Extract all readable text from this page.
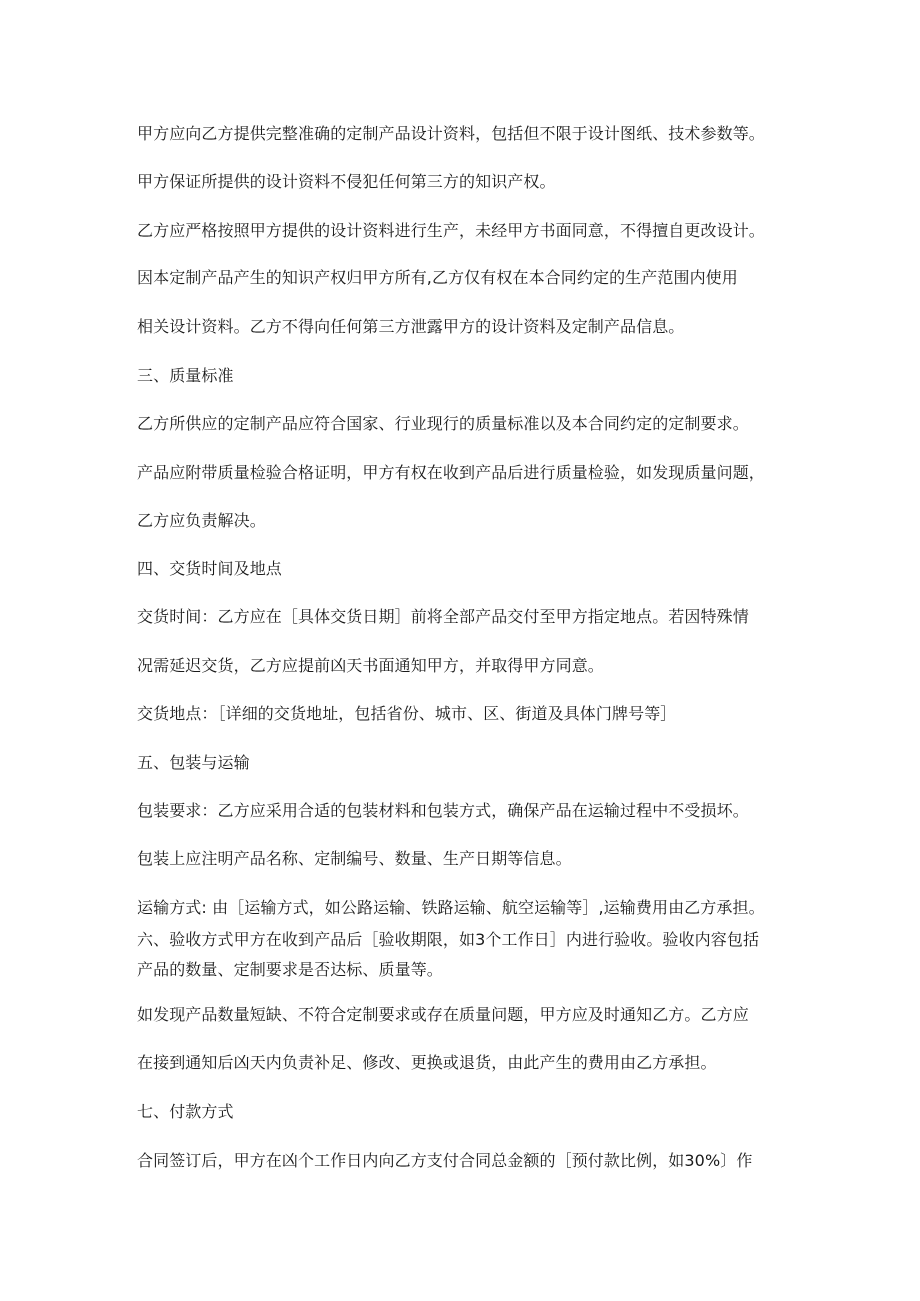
甲方应向乙方提供完整准确的定制产品设计资料，包括但不限于设计图纸、技术参数等。
甲方保证所提供的设计资料不侵犯任何第三方的知识产权。
乙方应严格按照甲方提供的设计资料进行生产，未经甲方书面同意，不得擅自更改设计。
因本定制产品产生的知识产权归甲方所有,乙方仅有权在本合同约定的生产范围内使用
相关设计资料。乙方不得向任何第三方泄露甲方的设计资料及定制产品信息。
三、质量标准
乙方所供应的定制产品应符合国家、行业现行的质量标准以及本合同约定的定制要求。
产品应附带质量检验合格证明，甲方有权在收到产品后进行质量检验，如发现质量问题，
乙方应负责解决。
四、交货时间及地点
交货时间：乙方应在［具体交货日期］前将全部产品交付至甲方指定地点。若因特殊情
况需延迟交货，乙方应提前凶天书面通知甲方，并取得甲方同意。
交货地点：［详细的交货地址，包括省份、城市、区、街道及具体门牌号等］
五、包装与运输
包装要求：乙方应采用合适的包装材料和包装方式，确保产品在运输过程中不受损坏。
包装上应注明产品名称、定制编号、数量、生产日期等信息。
运输方式: 由［运输方式，如公路运输、铁路运输、航空运输等］,运输费用由乙方承担。
六、验收方式甲方在收到产品后［验收期限，如3个工作日］内进行验收。验收内容包括
产品的数量、定制要求是否达标、质量等。
如发现产品数量短缺、不符合定制要求或存在质量问题，甲方应及时通知乙方。乙方应
在接到通知后凶天内负责补足、修改、更换或退货，由此产生的费用由乙方承担。
七、付款方式
合同签订后，甲方在凶个工作日内向乙方支付合同总金额的［预付款比例，如30%〕作
